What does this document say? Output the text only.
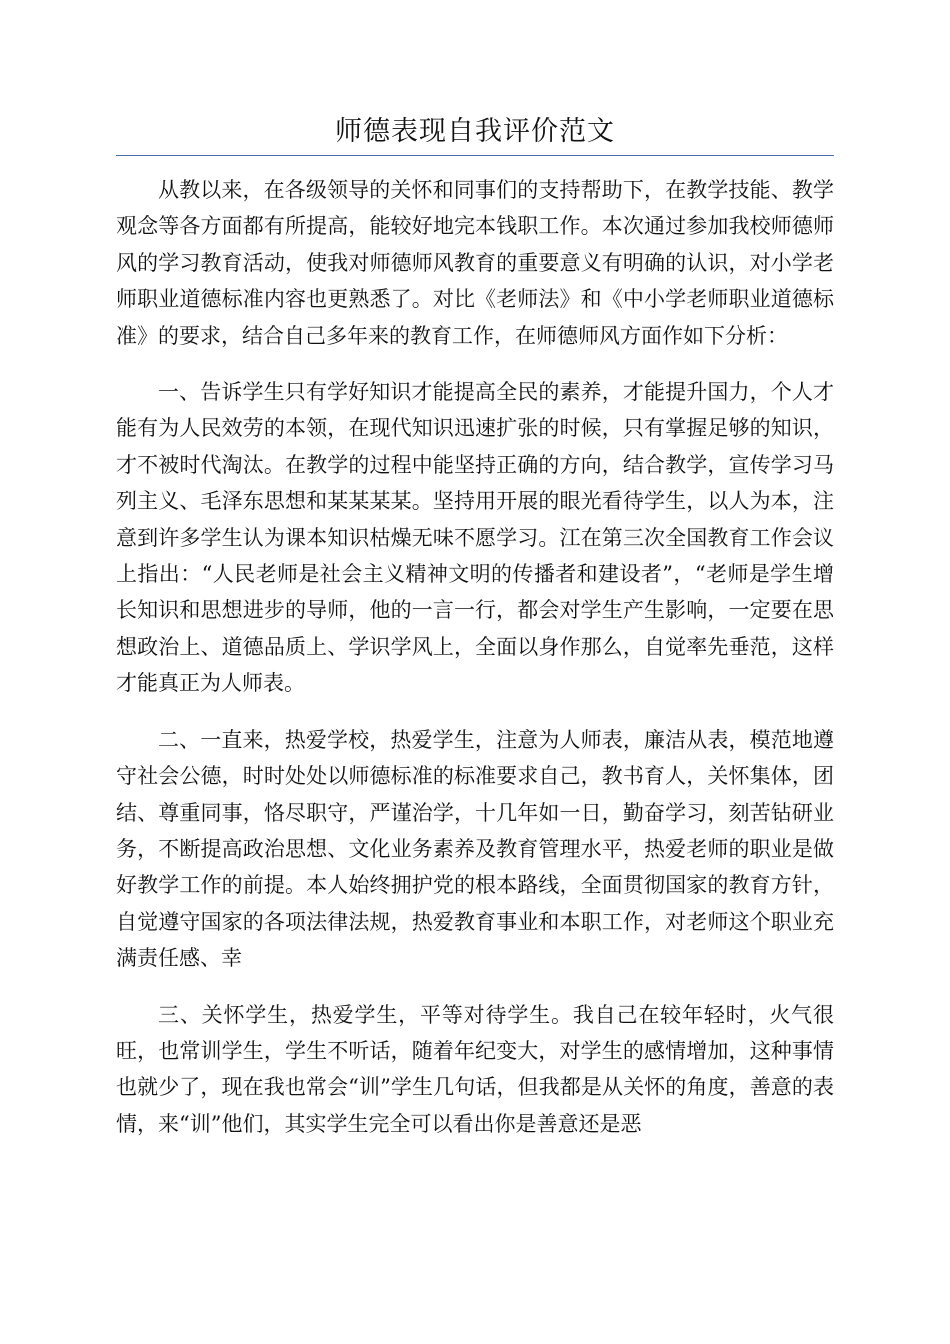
师德表现自我评价范文

从教以来，在各级领导的关怀和同事们的支持帮助下，在教学技能、教学观念等各方面都有所提高，能较好地完本钱职工作。本次通过参加我校师德师风的学习教育活动，使我对师德师风教育的重要意义有明确的认识，对小学老师职业道德标准内容也更熟悉了。对比《老师法》和《中小学老师职业道德标准》的要求，结合自己多年来的教育工作，在师德师风方面作如下分析：

一、告诉学生只有学好知识才能提高全民的素养，才能提升国力，个人才能有为人民效劳的本领，在现代知识迅速扩张的时候，只有掌握足够的知识，才不被时代淘汰。在教学的过程中能坚持正确的方向，结合教学，宣传学习马列主义、毛泽东思想和某某某某。坚持用开展的眼光看待学生，以人为本，注意到许多学生认为课本知识枯燥无味不愿学习。江在第三次全国教育工作会议上指出：“人民老师是社会主义精神文明的传播者和建设者”，“老师是学生增长知识和思想进步的导师，他的一言一行，都会对学生产生影响，一定要在思想政治上、道德品质上、学识学风上，全面以身作那么，自觉率先垂范，这样才能真正为人师表。

二、一直来，热爱学校，热爱学生，注意为人师表，廉洁从表，模范地遵守社会公德，时时处处以师德标准的标准要求自己，教书育人，关怀集体，团结、尊重同事，恪尽职守，严谨治学，十几年如一日，勤奋学习，刻苦钻研业务，不断提高政治思想、文化业务素养及教育管理水平，热爱老师的职业是做好教学工作的前提。本人始终拥护党的根本路线，全面贯彻国家的教育方针，自觉遵守国家的各项法律法规，热爱教育事业和本职工作，对老师这个职业充满责任感、幸

三、关怀学生，热爱学生，平等对待学生。我自己在较年轻时，火气很旺，也常训学生，学生不听话，随着年纪变大，对学生的感情增加，这种事情也就少了，现在我也常会“训”学生几句话，但我都是从关怀的角度，善意的表情，来“训”他们，其实学生完全可以看出你是善意还是恶
